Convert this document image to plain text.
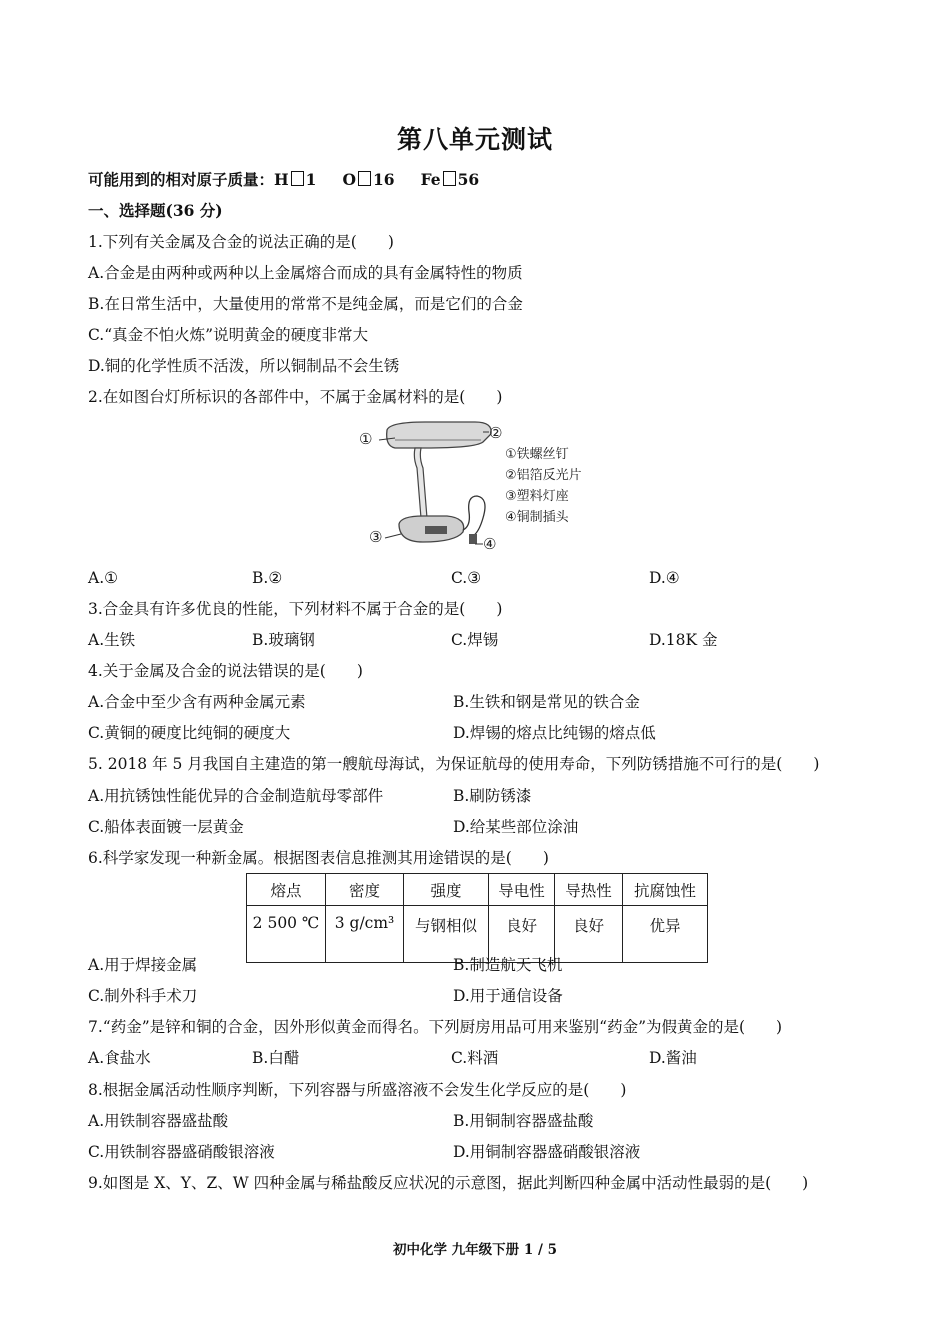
第八单元测试
可能用到的相对原子质量：H 1 O 16 Fe 56
一、选择题(36 分)
1.下列有关金属及合金的说法正确的是(　　)
A.合金是由两种或两种以上金属熔合而成的具有金属特性的物质
B.在日常生活中，大量使用的常常不是纯金属，而是它们的合金
C.“真金不怕火炼”说明黄金的硬度非常大
D.铜的化学性质不活泼，所以铜制品不会生锈
2.在如图台灯所标识的各部件中，不属于金属材料的是(　　)
①	②
③	④
①铁螺丝钉
②铝箔反光片
③塑料灯座
④铜制插头
A.①	B.②	C.③	D.④
3.合金具有许多优良的性能，下列材料不属于合金的是(　　)
A.生铁	B.玻璃钢	C.焊锡	D.18K 金
4.关于金属及合金的说法错误的是(　　)
A.合金中至少含有两种金属元素	B.生铁和钢是常见的铁合金
C.黄铜的硬度比纯铜的硬度大	D.焊锡的熔点比纯锡的熔点低
5. 2018 年 5 月我国自主建造的第一艘航母海试，为保证航母的使用寿命，下列防锈措施不可行的是(　　)
A.用抗锈蚀性能优异的合金制造航母零部件	B.刷防锈漆
C.船体表面镀一层黄金	D.给某些部位涂油
6.科学家发现一种新金属。根据图表信息推测其用途错误的是(　　)
熔点	密度	强度	导电性	导热性	抗腐蚀性
2 500 ℃	3 g/cm³	与钢相似	良好	良好	优异
A.用于焊接金属	B.制造航天飞机
C.制外科手术刀	D.用于通信设备
7.“药金”是锌和铜的合金，因外形似黄金而得名。下列厨房用品可用来鉴别“药金”为假黄金的是(　　)
A.食盐水	B.白醋	C.料酒	D.酱油
8.根据金属活动性顺序判断，下列容器与所盛溶液不会发生化学反应的是(　　)
A.用铁制容器盛盐酸	B.用铜制容器盛盐酸
C.用铁制容器盛硝酸银溶液	D.用铜制容器盛硝酸银溶液
9.如图是 X、Y、Z、W 四种金属与稀盐酸反应状况的示意图，据此判断四种金属中活动性最弱的是(　　)
初中化学 九年级下册 1 / 5
